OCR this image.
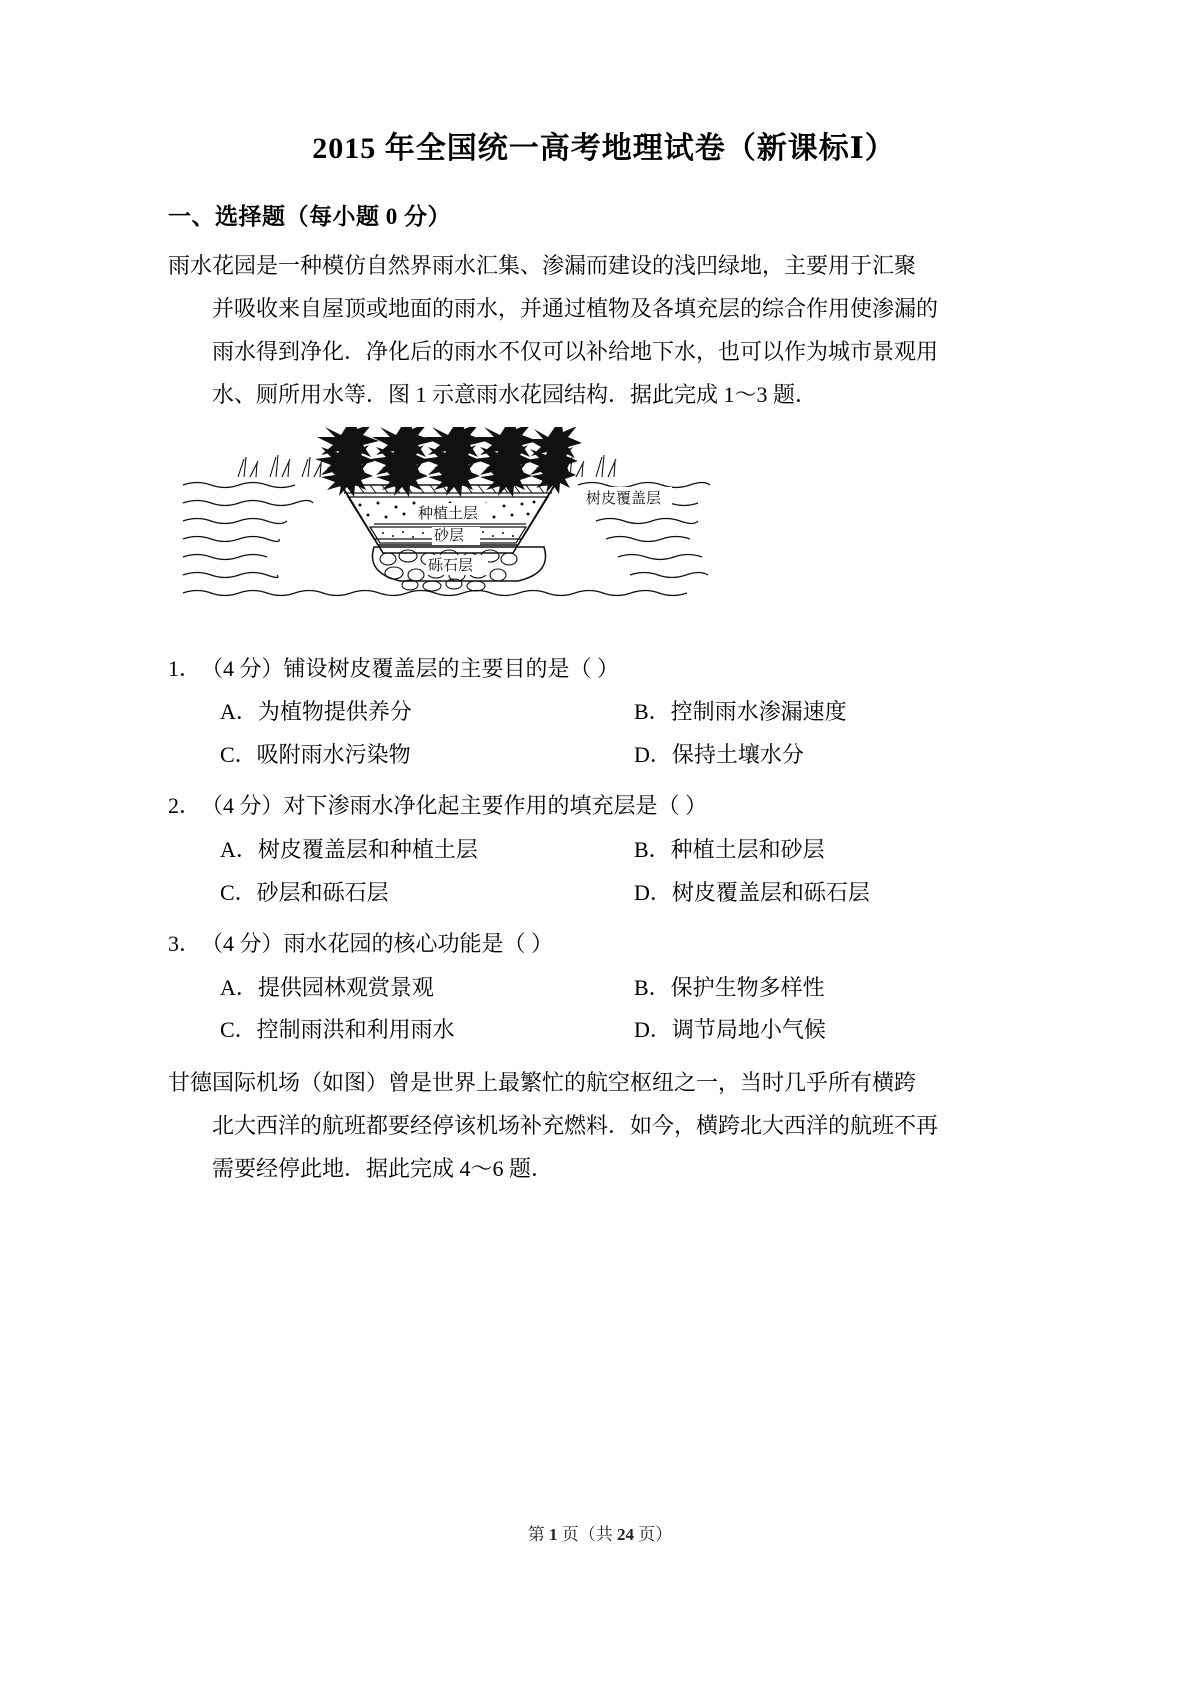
2015 年全国统一高考地理试卷（新课标Ⅰ）
一、选择题（每小题 0 分）
雨水花园是一种模仿自然界雨水汇集、渗漏而建设的浅凹绿地，主要用于汇聚
并吸收来自屋顶或地面的雨水，并通过植物及各填充层的综合作用使渗漏的
雨水得到净化．净化后的雨水不仅可以补给地下水，也可以作为城市景观用
水、厕所用水等．图 1 示意雨水花园结构．据此完成 1～3 题．
树皮覆盖层
种植土层
砂层
砾石层
1．（4 分）铺设树皮覆盖层的主要目的是（ ）
A．为植物提供养分	B．控制雨水渗漏速度
C．吸附雨水污染物	D．保持土壤水分
2．（4 分）对下渗雨水净化起主要作用的填充层是（ ）
A．树皮覆盖层和种植土层	B．种植土层和砂层
C．砂层和砾石层	D．树皮覆盖层和砾石层
3．（4 分）雨水花园的核心功能是（ ）
A．提供园林观赏景观	B．保护生物多样性
C．控制雨洪和利用雨水	D．调节局地小气候
甘德国际机场（如图）曾是世界上最繁忙的航空枢纽之一，当时几乎所有横跨
北大西洋的航班都要经停该机场补充燃料．如今，横跨北大西洋的航班不再
需要经停此地．据此完成 4～6 题．
第 1 页（共 24 页）
